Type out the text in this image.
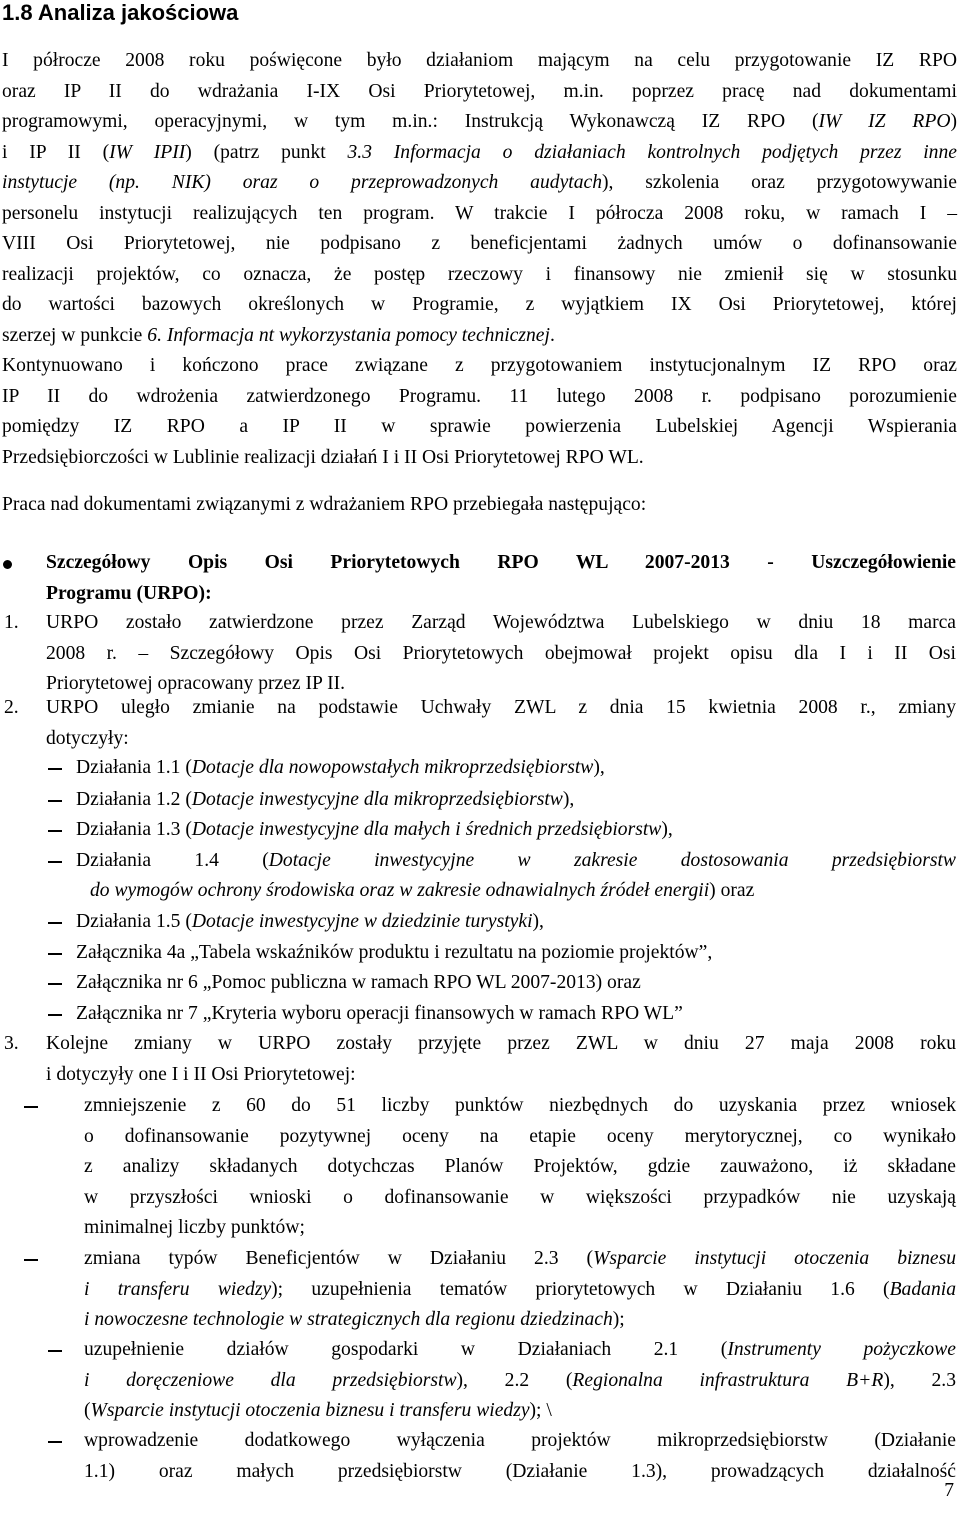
1.8 Analiza jakościowa
I półrocze 2008 roku poświęcone było działaniom mającym na celu przygotowanie IZ RPO
oraz IP II do wdrażania I-IX Osi Priorytetowej, m.in. poprzez pracę nad dokumentami
programowymi, operacyjnymi, w tym m.in.: Instrukcją Wykonawczą IZ RPO (IW IZ RPO)
i IP II (IW IPII) (patrz punkt 3.3 Informacja o działaniach kontrolnych podjętych przez inne
instytucje (np. NIK) oraz o przeprowadzonych audytach), szkolenia oraz przygotowywanie
personelu instytucji realizujących ten program. W trakcie I półrocza 2008 roku, w ramach I –
VIII Osi Priorytetowej, nie podpisano z beneficjentami żadnych umów o dofinansowanie
realizacji projektów, co oznacza, że postęp rzeczowy i finansowy nie zmienił się w stosunku
do wartości bazowych określonych w Programie, z wyjątkiem IX Osi Priorytetowej, której
szerzej w punkcie 6. Informacja nt wykorzystania pomocy technicznej.
Kontynuowano i kończono prace związane z przygotowaniem instytucjonalnym IZ RPO oraz
IP II do wdrożenia zatwierdzonego Programu. 11 lutego 2008 r. podpisano porozumienie
pomiędzy IZ RPO a IP II w sprawie powierzenia Lubelskiej Agencji Wspierania
Przedsiębiorczości w Lublinie realizacji działań I i II Osi Priorytetowej RPO WL.
Praca nad dokumentami związanymi z wdrażaniem RPO przebiegała następująco:
Szczegółowy Opis Osi Priorytetowych RPO WL 2007-2013 - Uszczegółowienie
Programu (URPO):
1. URPO zostało zatwierdzone przez Zarząd Województwa Lubelskiego w dniu 18 marca
2008 r. – Szczegółowy Opis Osi Priorytetowych obejmował projekt opisu dla I i II Osi
Priorytetowej opracowany przez IP II.
2. URPO uległo zmianie na podstawie Uchwały ZWL z dnia 15 kwietnia 2008 r., zmiany
dotyczyły:
Działania 1.1 (Dotacje dla nowopowstałych mikroprzedsiębiorstw),
Działania 1.2 (Dotacje inwestycyjne dla mikroprzedsiębiorstw),
Działania 1.3 (Dotacje inwestycyjne dla małych i średnich przedsiębiorstw),
Działania 1.4 (Dotacje inwestycyjne w zakresie dostosowania przedsiębiorstw
do wymogów ochrony środowiska oraz w zakresie odnawialnych źródeł energii) oraz
Działania 1.5 (Dotacje inwestycyjne w dziedzinie turystyki),
Załącznika 4a „Tabela wskaźników produktu i rezultatu na poziomie projektów”,
Załącznika nr 6 „Pomoc publiczna w ramach RPO WL 2007-2013) oraz
Załącznika nr 7 „Kryteria wyboru operacji finansowych w ramach RPO WL”
3. Kolejne zmiany w URPO zostały przyjęte przez ZWL w dniu 27 maja 2008 roku
i dotyczyły one I i II Osi Priorytetowej:
zmniejszenie z 60 do 51 liczby punktów niezbędnych do uzyskania przez wniosek
o dofinansowanie pozytywnej oceny na etapie oceny merytorycznej, co wynikało
z analizy składanych dotychczas Planów Projektów, gdzie zauważono, iż składane
w przyszłości wnioski o dofinansowanie w większości przypadków nie uzyskają
minimalnej liczby punktów;
zmiana typów Beneficjentów w Działaniu 2.3 (Wsparcie instytucji otoczenia biznesu
i transferu wiedzy); uzupełnienia tematów priorytetowych w Działaniu 1.6 (Badania
i nowoczesne technologie w strategicznych dla regionu dziedzinach);
uzupełnienie działów gospodarki w Działaniach 2.1 (Instrumenty pożyczkowe
i doręczeniowe dla przedsiębiorstw), 2.2 (Regionalna infrastruktura B+R), 2.3
(Wsparcie instytucji otoczenia biznesu i transferu wiedzy); \
wprowadzenie dodatkowego wyłączenia projektów mikroprzedsiębiorstw (Działanie
1.1) oraz małych przedsiębiorstw (Działanie 1.3), prowadzących działalność
7
